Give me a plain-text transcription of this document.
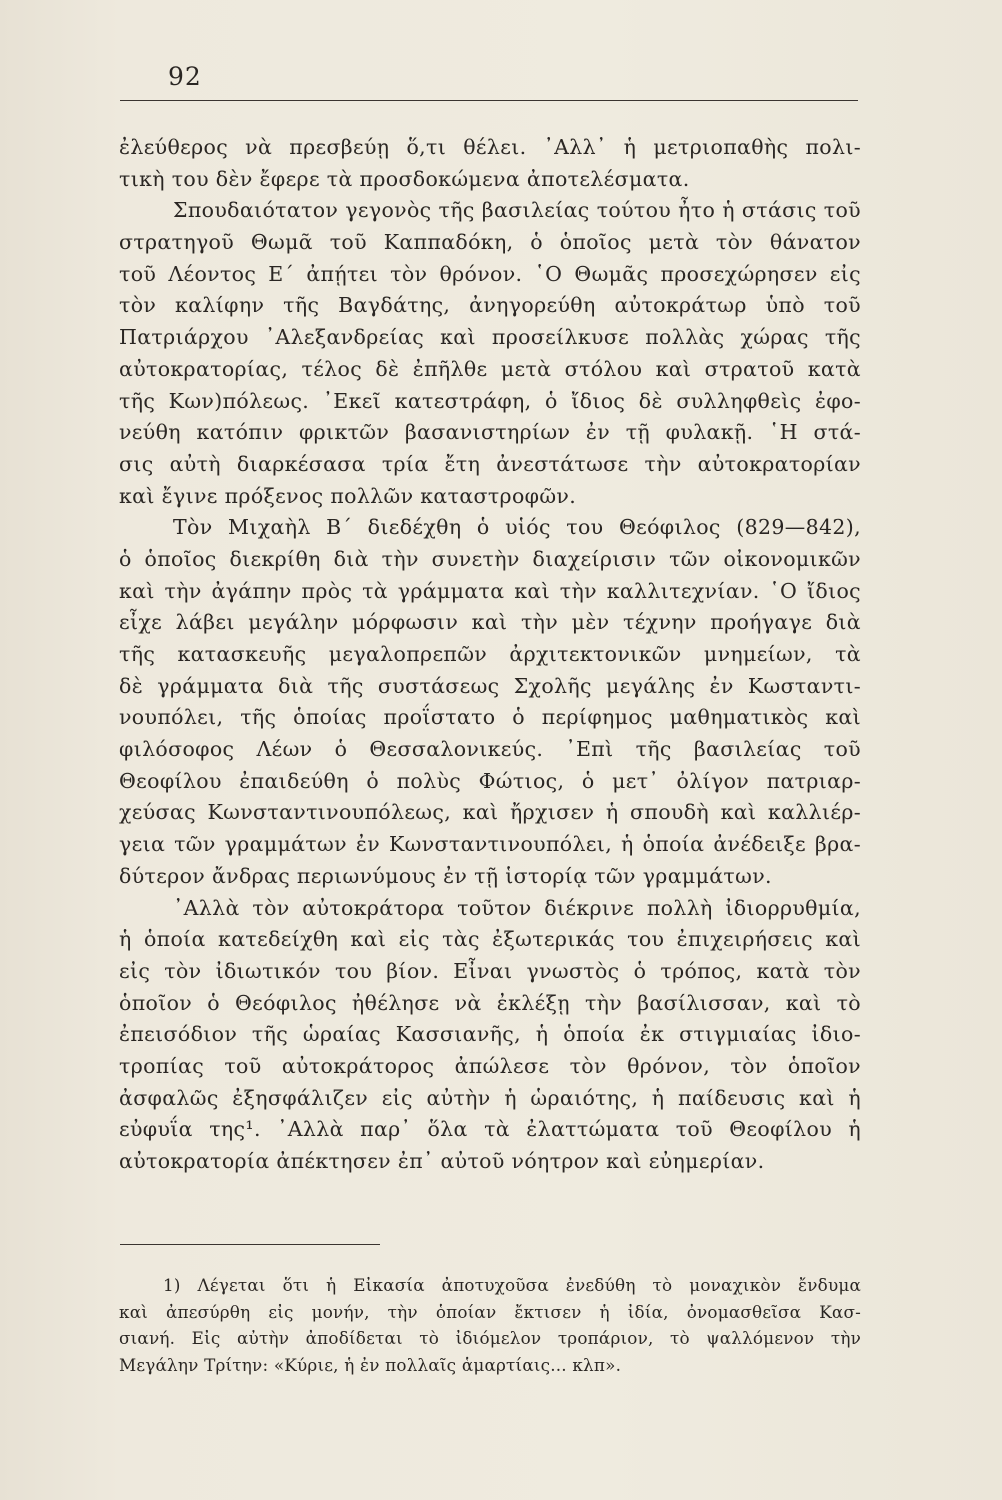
92
ἐλεύθερος νὰ πρεσβεύῃ ὅ,τι θέλει. ᾿Αλλ᾿ ἡ μετριοπαθὴς πολι-
τικὴ του δὲν ἔφερε τὰ προσδοκώμενα ἀποτελέσματα.
Σπουδαιότατον γεγονὸς τῆς βασιλείας τούτου ἦτο ἡ στάσις τοῦ
στρατηγοῦ Θωμᾶ τοῦ Καππαδόκη, ὁ ὁποῖος μετὰ τὸν θάνατον
τοῦ Λέοντος Ε΄ ἀπῄτει τὸν θρόνον. ῾Ο Θωμᾶς προσεχώρησεν εἰς
τὸν καλίφην τῆς Βαγδάτης, ἀνηγορεύθη αὐτοκράτωρ ὑπὸ τοῦ
Πατριάρχου ᾿Αλεξανδρείας καὶ προσείλκυσε πολλὰς χώρας τῆς
αὐτοκρατορίας, τέλος δὲ ἐπῆλθε μετὰ στόλου καὶ στρατοῦ κατὰ
τῆς Κων)πόλεως. ᾿Εκεῖ κατεστράφη, ὁ ἴδιος δὲ συλληφθεὶς ἐφο-
νεύθη κατόπιν φρικτῶν βασανιστηρίων ἐν τῇ φυλακῇ. ῾Η στά-
σις αὐτὴ διαρκέσασα τρία ἔτη ἀνεστάτωσε τὴν αὐτοκρατορίαν
καὶ ἔγινε πρόξενος πολλῶν καταστροφῶν.
Τὸν Μιχαὴλ Β΄ διεδέχθη ὁ υἱός του Θεόφιλος (829—842),
ὁ ὁποῖος διεκρίθη διὰ τὴν συνετὴν διαχείρισιν τῶν οἰκονομικῶν
καὶ τὴν ἀγάπην πρὸς τὰ γράμματα καὶ τὴν καλλιτεχνίαν. ῾Ο ἴδιος
εἶχε λάβει μεγάλην μόρφωσιν καὶ τὴν μὲν τέχνην προήγαγε διὰ
τῆς κατασκευῆς μεγαλοπρεπῶν ἀρχιτεκτονικῶν μνημείων, τὰ
δὲ γράμματα διὰ τῆς συστάσεως Σχολῆς μεγάλης ἐν Κωσταντι-
νουπόλει, τῆς ὁποίας προΐστατο ὁ περίφημος μαθηματικὸς καὶ
φιλόσοφος Λέων ὁ Θεσσαλονικεύς. ᾿Επὶ τῆς βασιλείας τοῦ
Θεοφίλου ἐπαιδεύθη ὁ πολὺς Φώτιος, ὁ μετ᾿ ὀλίγον πατριαρ-
χεύσας Κωνσταντινουπόλεως, καὶ ἤρχισεν ἡ σπουδὴ καὶ καλλιέρ-
γεια τῶν γραμμάτων ἐν Κωνσταντινουπόλει, ἡ ὁποία ἀνέδειξε βρα-
δύτερον ἄνδρας περιωνύμους ἐν τῇ ἱστορίᾳ τῶν γραμμάτων.
᾿Αλλὰ τὸν αὐτοκράτορα τοῦτον διέκρινε πολλὴ ἰδιορρυθμία,
ἡ ὁποία κατεδείχθη καὶ εἰς τὰς ἐξωτερικάς του ἐπιχειρήσεις καὶ
εἰς τὸν ἰδιωτικόν του βίον. Εἶναι γνωστὸς ὁ τρόπος, κατὰ τὸν
ὁποῖον ὁ Θεόφιλος ἠθέλησε νὰ ἐκλέξῃ τὴν βασίλισσαν, καὶ τὸ
ἐπεισόδιον τῆς ὡραίας Κασσιανῆς, ἡ ὁποία ἐκ στιγμιαίας ἰδιο-
τροπίας τοῦ αὐτοκράτορος ἀπώλεσε τὸν θρόνον, τὸν ὁποῖον
ἀσφαλῶς ἐξησφάλιζεν εἰς αὐτὴν ἡ ὡραιότης, ἡ παίδευσις καὶ ἡ
εὐφυΐα της¹. ᾿Αλλὰ παρ᾿ ὅλα τὰ ἐλαττώματα τοῦ Θεοφίλου ἡ
αὐτοκρατορία ἀπέκτησεν ἐπ᾿ αὐτοῦ νόητρον καὶ εὐημερίαν.
1) Λέγεται ὅτι ἡ Εἰκασία ἀποτυχοῦσα ἐνεδύθη τὸ μοναχικὸν ἔνδυμα
καὶ ἀπεσύρθη εἰς μονήν, τὴν ὁποίαν ἔκτισεν ἡ ἰδία, ὀνομασθεῖσα Κασ-
σιανή. Εἰς αὐτὴν ἀποδίδεται τὸ ἰδιόμελον τροπάριον, τὸ ψαλλόμενον τὴν
Μεγάλην Τρίτην: «Κύριε, ἡ ἐν πολλαῖς ἁμαρτίαις... κλπ».
